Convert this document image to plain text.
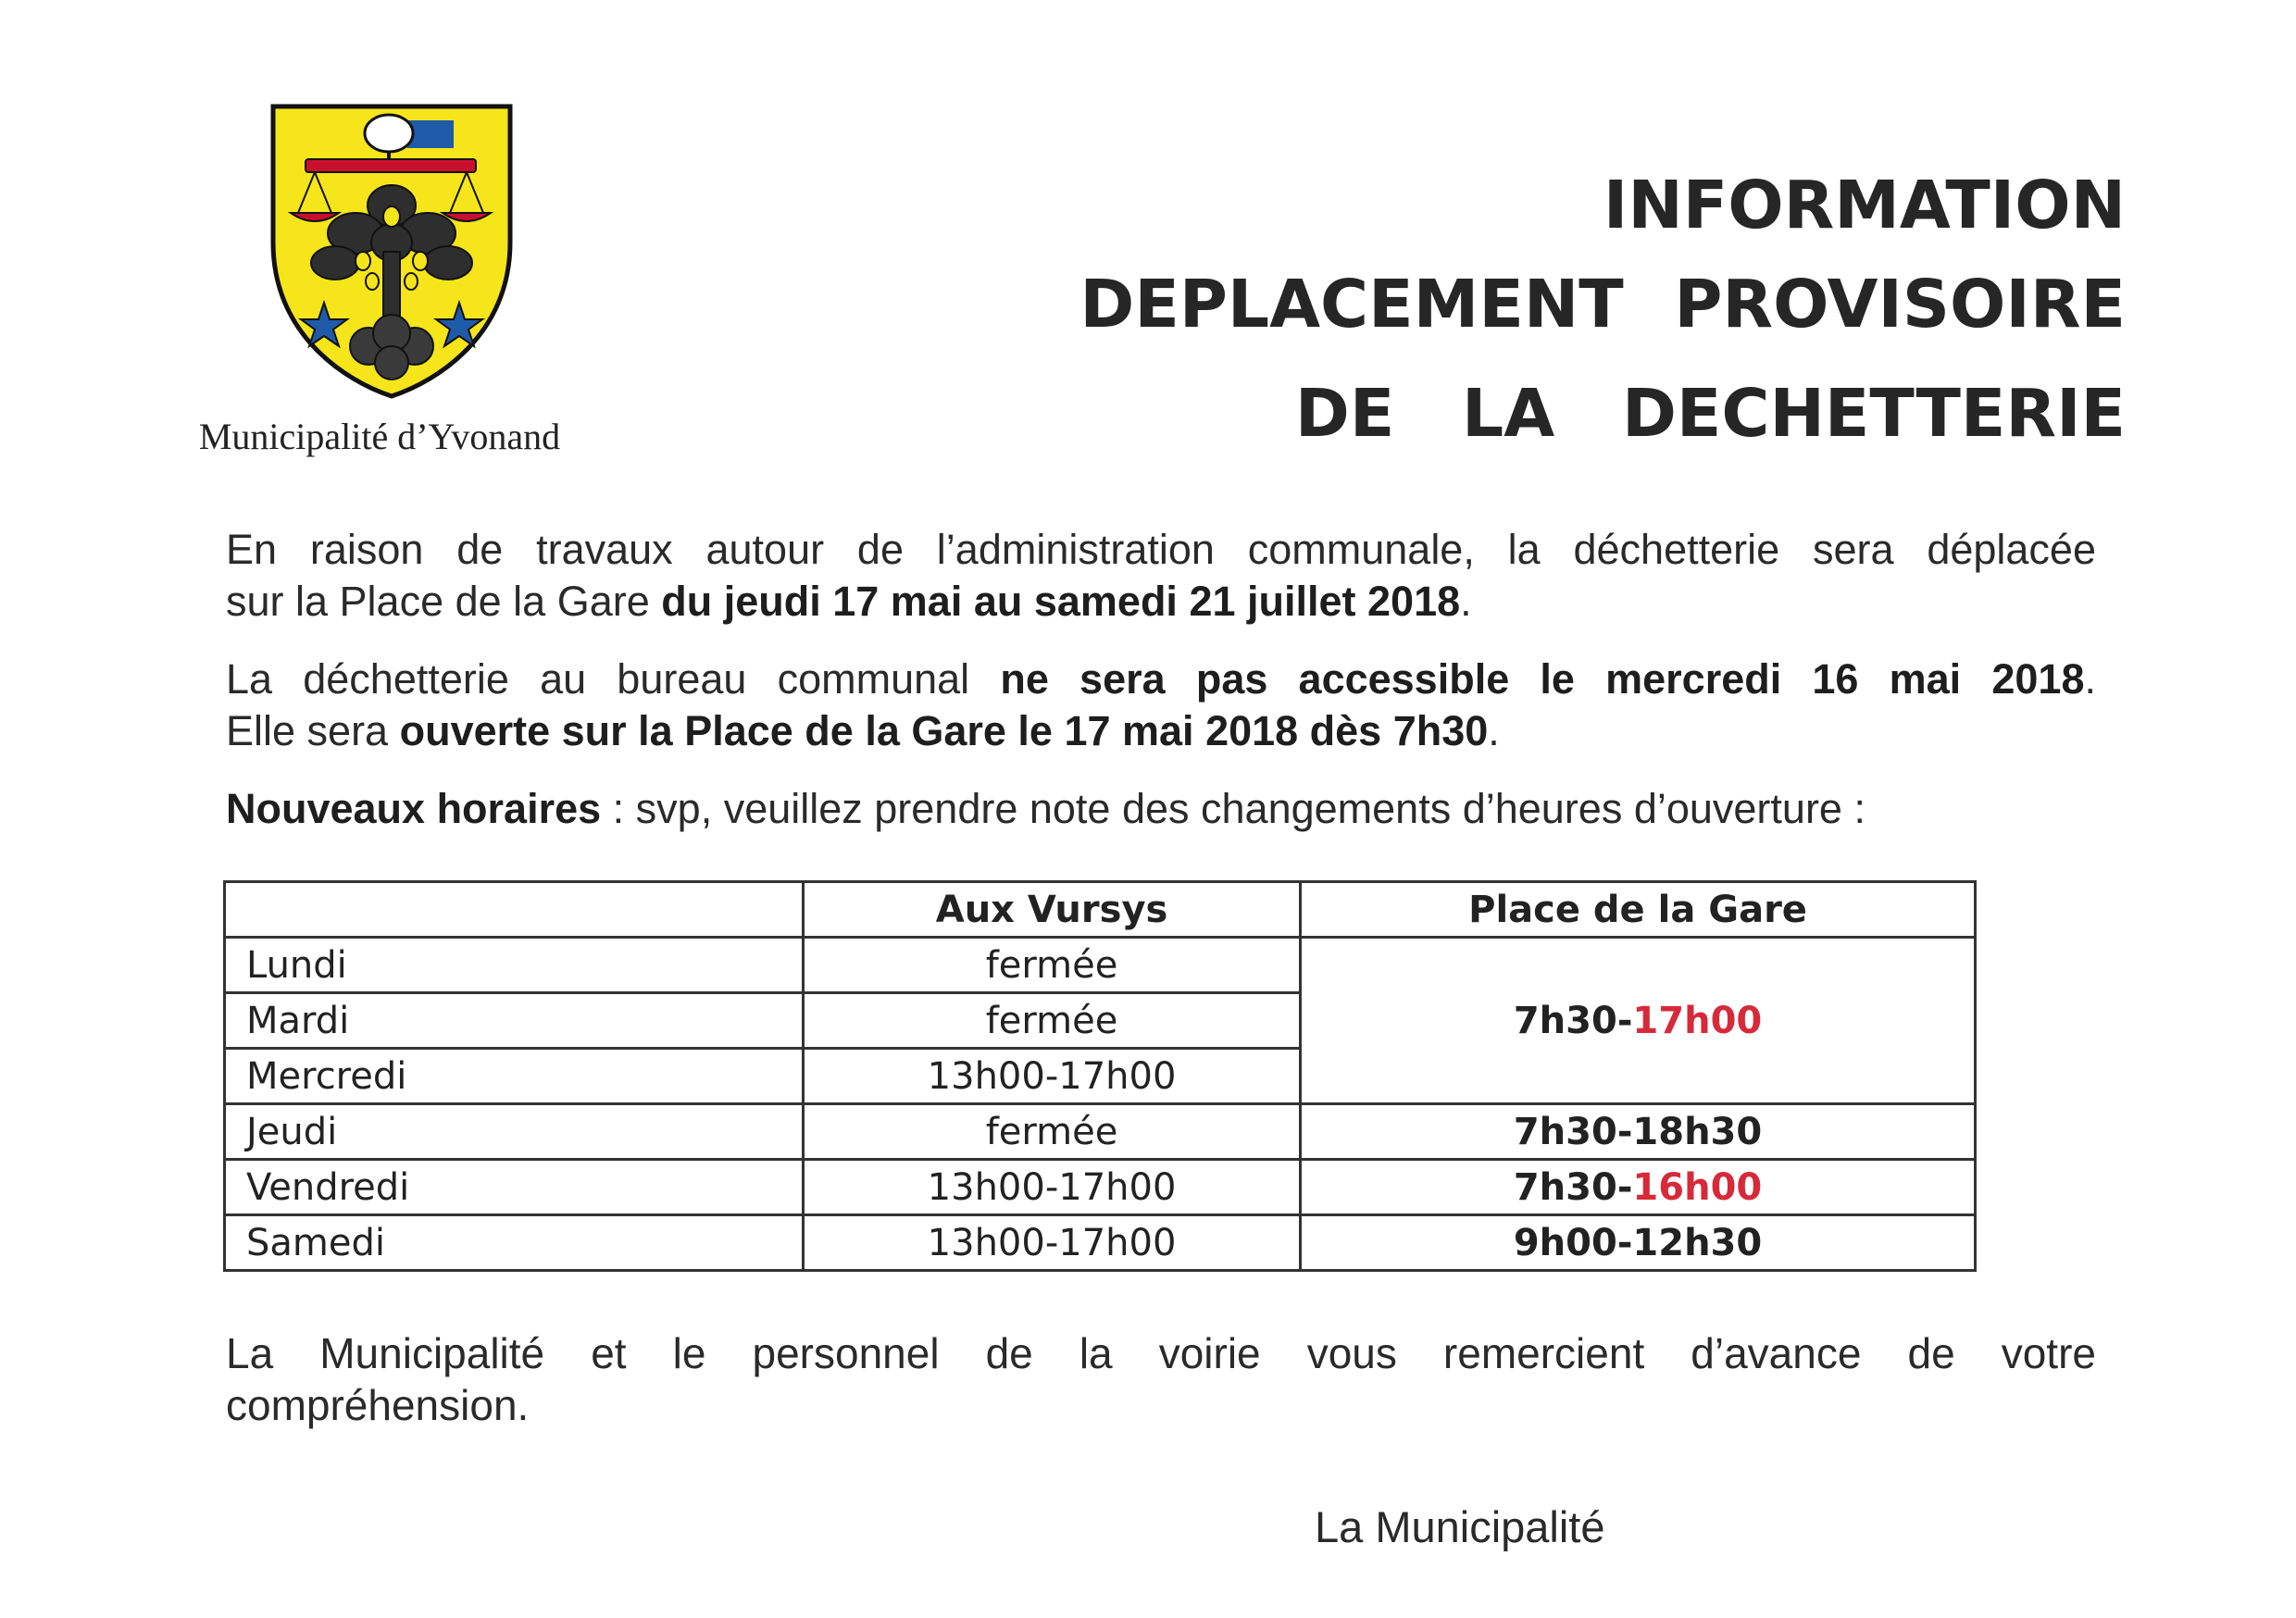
Municipalité d’Yvonand
INFORMATION
DEPLACEMENT PROVISOIRE
DE LA DECHETTERIE
En raison de travaux autour de l’administration communale, la déchetterie sera déplacée
sur la Place de la Gare du jeudi 17 mai au samedi 21 juillet 2018.
La déchetterie au bureau communal ne sera pas accessible le mercredi 16 mai 2018.
Elle sera ouverte sur la Place de la Gare le 17 mai 2018 dès 7h30.
Nouveaux horaires : svp, veuillez prendre note des changements d’heures d’ouverture :
	Aux Vursys	Place de la Gare
Lundi	fermée	7h30-17h00
Mardi	fermée	
Mercredi	13h00-17h00	
Jeudi	fermée	7h30-18h30
Vendredi	13h00-17h00	7h30-16h00
Samedi	13h00-17h00	9h00-12h30
La Municipalité et le personnel de la voirie vous remercient d’avance de votre
compréhension.
La Municipalité
